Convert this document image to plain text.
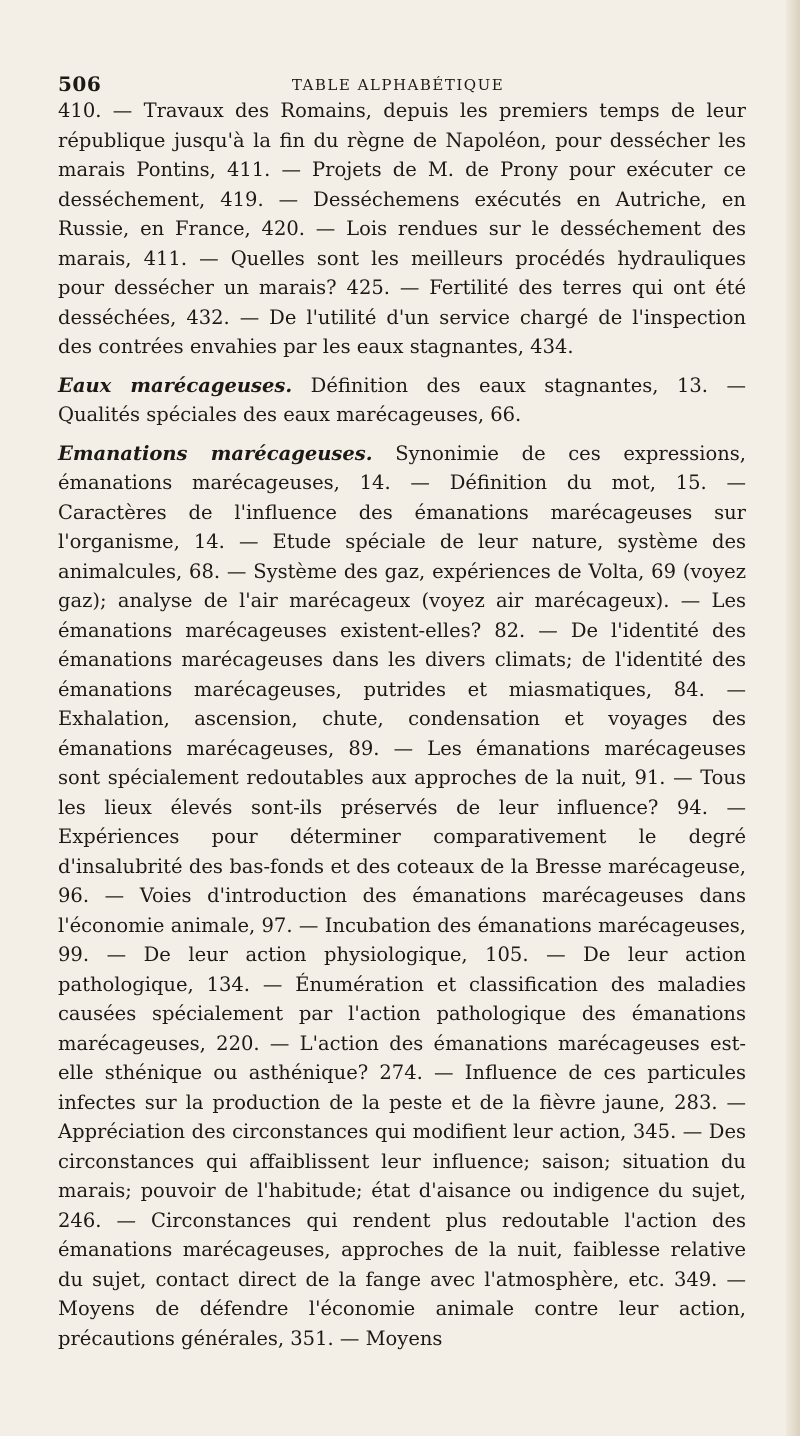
506	TABLE ALPHABÉTIQUE

410. — Travaux des Romains, depuis les premiers temps de leur république jusqu'à la fin du règne de Napoléon, pour dessécher les marais Pontins, 411. — Projets de M. de Prony pour exécuter ce desséchement, 419. — Desséchemens exécutés en Autriche, en Russie, en France, 420. — Lois rendues sur le desséchement des marais, 411. — Quelles sont les meilleurs procédés hydrauliques pour dessécher un marais? 425. — Fertilité des terres qui ont été desséchées, 432. — De l'utilité d'un service chargé de l'inspection des contrées envahies par les eaux stagnantes, 434.

Eaux marécageuses. Définition des eaux stagnantes, 13. — Qualités spéciales des eaux marécageuses, 66.

Emanations marécageuses. Synonimie de ces expressions, émanations marécageuses, 14. — Définition du mot, 15. — Caractères de l'influence des émanations marécageuses sur l'organisme, 14. — Etude spéciale de leur nature, système des animalcules, 68. — Système des gaz, expériences de Volta, 69 (voyez gaz); analyse de l'air marécageux (voyez air marécageux). — Les émanations marécageuses existent-elles? 82. — De l'identité des émanations marécageuses dans les divers climats; de l'identité des émanations marécageuses, putrides et miasmatiques, 84. — Exhalation, ascension, chute, condensation et voyages des émanations marécageuses, 89. — Les émanations marécageuses sont spécialement redoutables aux approches de la nuit, 91. — Tous les lieux élevés sont-ils préservés de leur influence? 94. — Expériences pour déterminer comparativement le degré d'insalubrité des bas-fonds et des coteaux de la Bresse marécageuse, 96. — Voies d'introduction des émanations marécageuses dans l'économie animale, 97. — Incubation des émanations marécageuses, 99. — De leur action physiologique, 105. — De leur action pathologique, 134. — Énumération et classification des maladies causées spécialement par l'action pathologique des émanations marécageuses, 220. — L'action des émanations marécageuses est-elle sthénique ou asthénique? 274. — Influence de ces particules infectes sur la production de la peste et de la fièvre jaune, 283. — Appréciation des circonstances qui modifient leur action, 345. — Des circonstances qui affaiblissent leur influence; saison; situation du marais; pouvoir de l'habitude; état d'aisance ou indigence du sujet, 246. — Circonstances qui rendent plus redoutable l'action des émanations marécageuses, approches de la nuit, faiblesse relative du sujet, contact direct de la fange avec l'atmosphère, etc. 349. — Moyens de défendre l'économie animale contre leur action, précautions générales, 351. — Moyens
